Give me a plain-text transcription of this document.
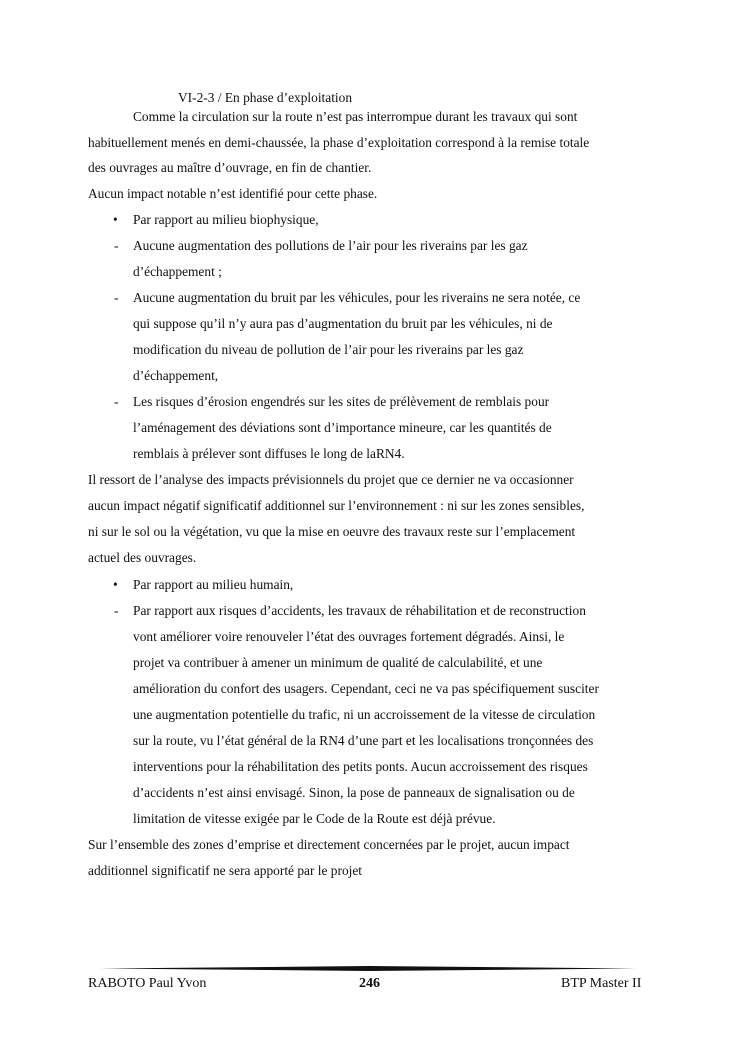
VI-2-3 / En phase d’exploitation
Comme la circulation sur la route n’est pas interrompue durant les travaux qui sont
habituellement menés en demi-chaussée, la phase d’exploitation correspond à la remise totale
des ouvrages au maître d’ouvrage, en fin de chantier.
Aucun impact notable n’est identifié pour cette phase.
• Par rapport au milieu biophysique,
- Aucune augmentation des pollutions de l’air pour les riverains par les gaz
d’échappement ;
- Aucune augmentation du bruit par les véhicules, pour les riverains ne sera notée, ce
qui suppose qu’il n’y aura pas d’augmentation du bruit par les véhicules, ni de
modification du niveau de pollution de l’air pour les riverains par les gaz
d’échappement,
- Les risques d’érosion engendrés sur les sites de prélèvement de remblais pour
l’aménagement des déviations sont d’importance mineure, car les quantités de
remblais à prélever sont diffuses le long de laRN4.
Il ressort de l’analyse des impacts prévisionnels du projet que ce dernier ne va occasionner
aucun impact négatif significatif additionnel sur l’environnement : ni sur les zones sensibles,
ni sur le sol ou la végétation, vu que la mise en oeuvre des travaux reste sur l’emplacement
actuel des ouvrages.
• Par rapport au milieu humain,
- Par rapport aux risques d’accidents, les travaux de réhabilitation et de reconstruction
vont améliorer voire renouveler l’état des ouvrages fortement dégradés. Ainsi, le
projet va contribuer à amener un minimum de qualité de calculabilité, et une
amélioration du confort des usagers. Cependant, ceci ne va pas spécifiquement susciter
une augmentation potentielle du trafic, ni un accroissement de la vitesse de circulation
sur la route, vu l’état général de la RN4 d’une part et les localisations tronçonnées des
interventions pour la réhabilitation des petits ponts. Aucun accroissement des risques
d’accidents n’est ainsi envisagé. Sinon, la pose de panneaux de signalisation ou de
limitation de vitesse exigée par le Code de la Route est déjà prévue.
Sur l’ensemble des zones d’emprise et directement concernées par le projet, aucun impact
additionnel significatif ne sera apporté par le projet
RABOTO Paul Yvon	246	BTP Master II
